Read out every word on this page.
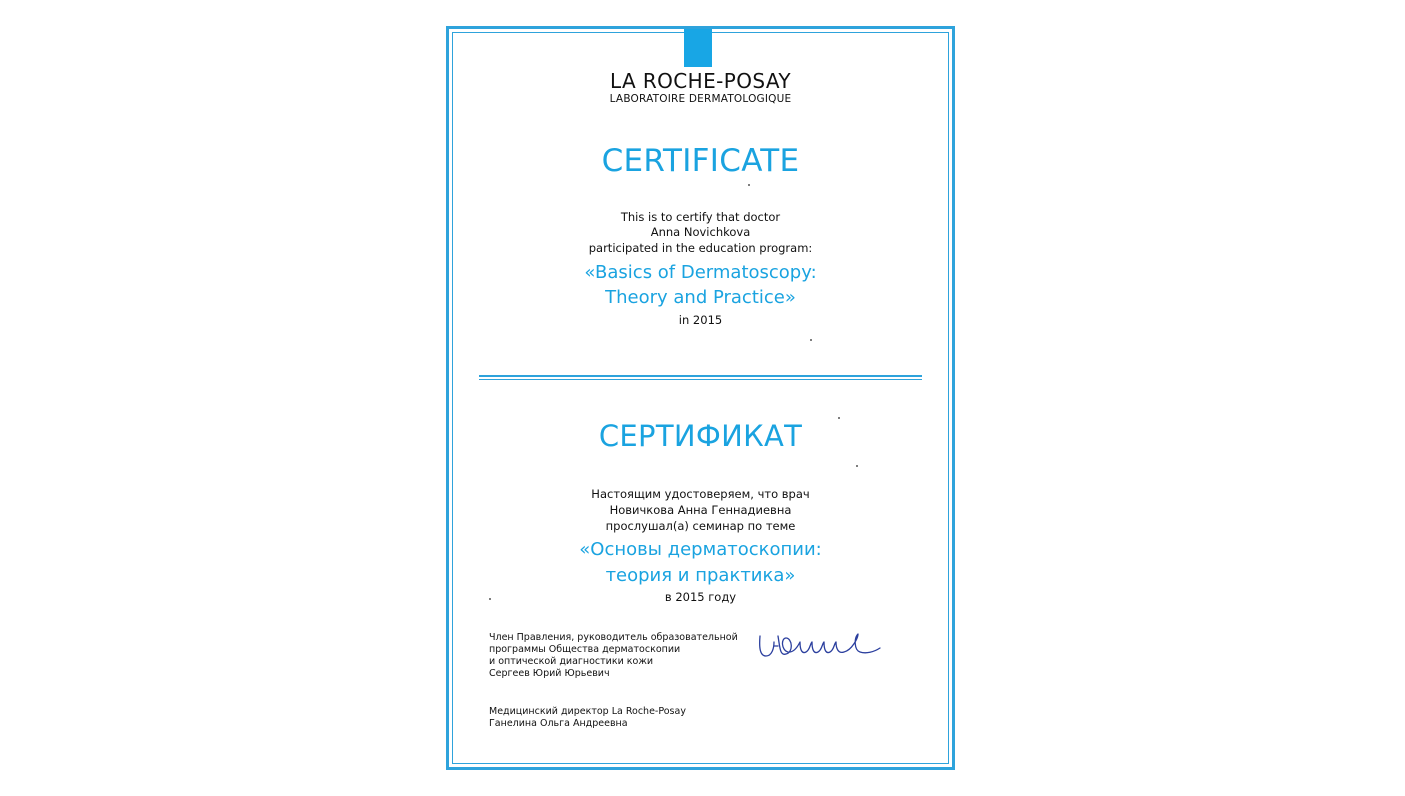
LA ROCHE-POSAY
LABORATOIRE DERMATOLOGIQUE
CERTIFICATE
This is to certify that doctor
Anna Novichkova
participated in the education program:
«Basics of Dermatoscopy:
Theory and Practice»
in 2015
СЕРТИФИКАТ
Настоящим удостоверяем, что врач
Новичкова Анна Геннадиевна
прослушал(а) семинар по теме
«Основы дерматоскопии:
теория и практика»
в 2015 году
Член Правления, руководитель образовательной
программы Общества дерматоскопии
и оптической диагностики кожи
Сергеев Юрий Юрьевич
Медицинский директор La Roche-Posay
Ганелина Ольга Андреевна
